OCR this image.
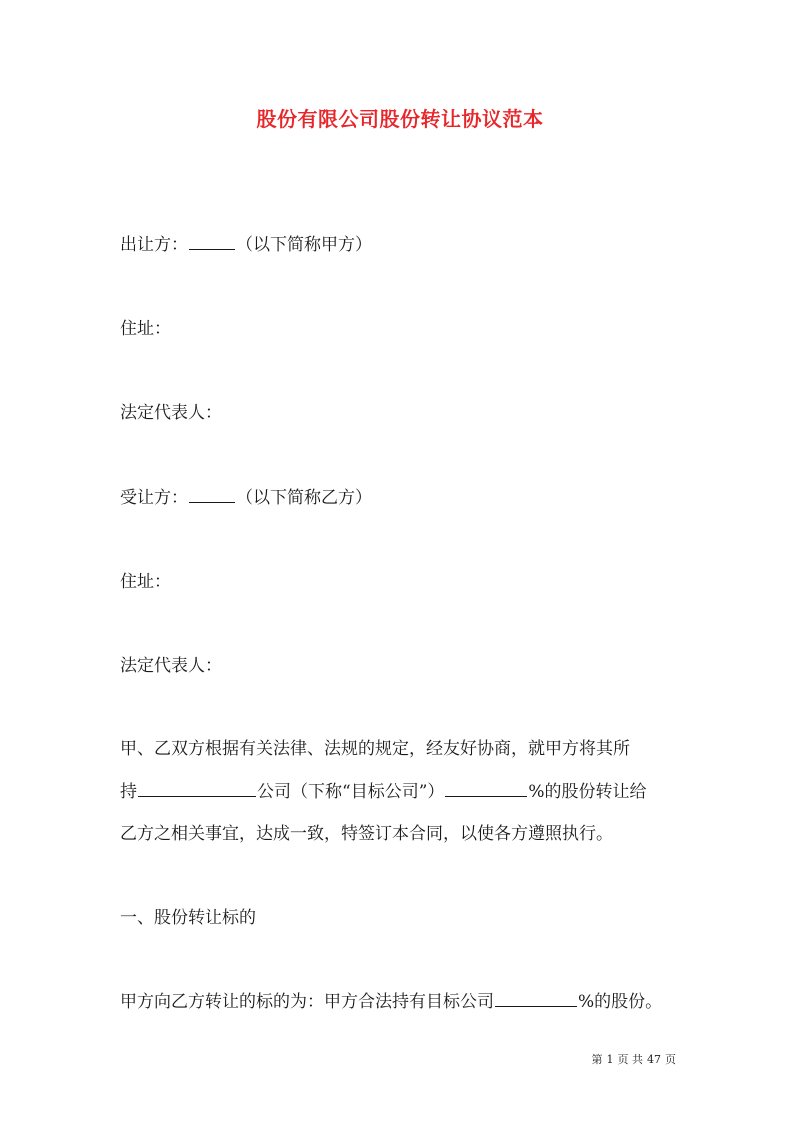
股份有限公司股份转让协议范本
出让方：	（以下简称甲方）
住址：
法定代表人：
受让方：	（以下简称乙方）
住址：
法定代表人：
甲、乙双方根据有关法律、法规的规定，经友好协商，就甲方将其所
持	公司（下称“目标公司”）	%的股份转让给
乙方之相关事宜，达成一致，特签订本合同，以使各方遵照执行。
一、股份转让标的
甲方向乙方转让的标的为：甲方合法持有目标公司	%的股份。
第 1 页 共 47 页
